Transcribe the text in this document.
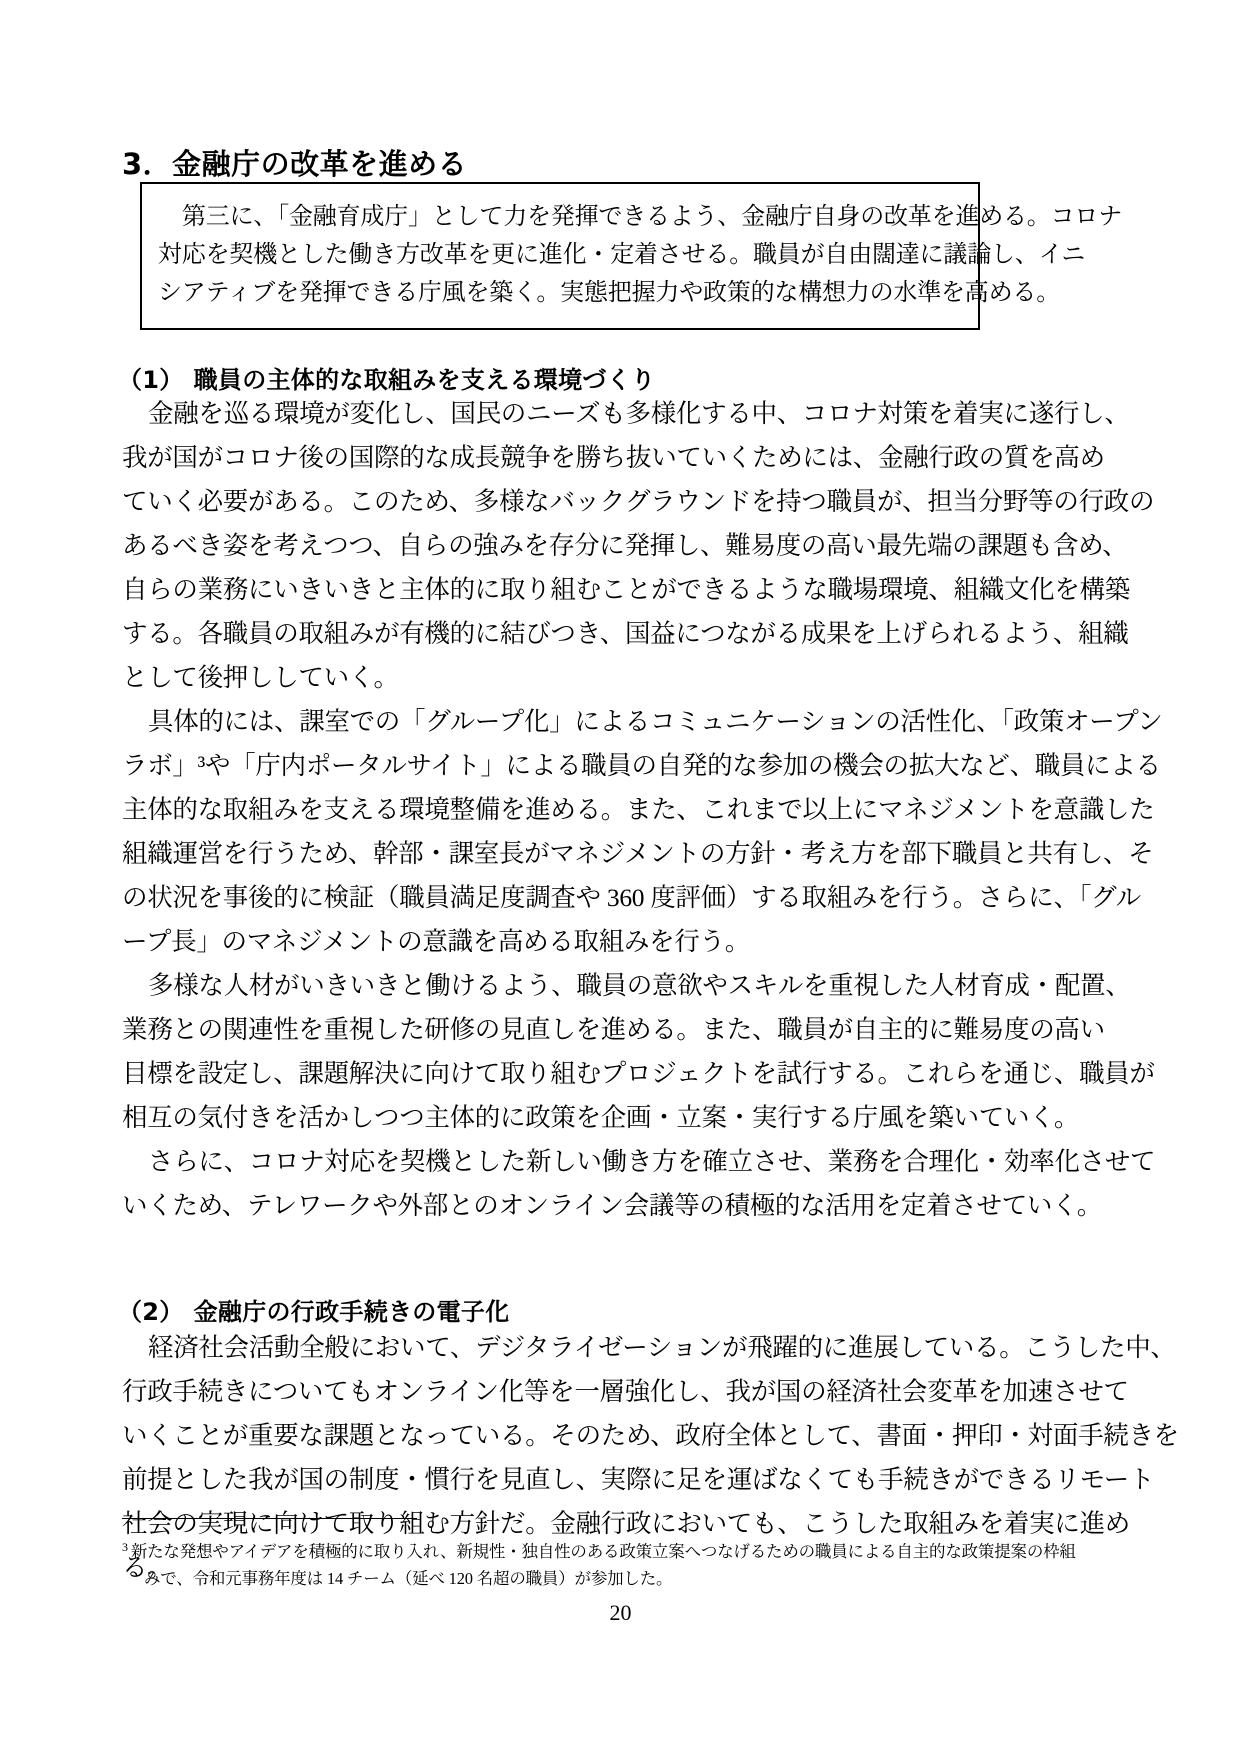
3．金融庁の改革を進める
第三に、「金融育成庁」として力を発揮できるよう、金融庁自身の改革を進める。コロナ
対応を契機とした働き方改革を更に進化・定着させる。職員が自由闊達に議論し、イニ
シアティブを発揮できる庁風を築く。実態把握力や政策的な構想力の水準を高める。
（1） 職員の主体的な取組みを支える環境づくり
金融を巡る環境が変化し、国民のニーズも多様化する中、コロナ対策を着実に遂行し、
我が国がコロナ後の国際的な成長競争を勝ち抜いていくためには、金融行政の質を高め
ていく必要がある。このため、多様なバックグラウンドを持つ職員が、担当分野等の行政の
あるべき姿を考えつつ、自らの強みを存分に発揮し、難易度の高い最先端の課題も含め、
自らの業務にいきいきと主体的に取り組むことができるような職場環境、組織文化を構築
する。各職員の取組みが有機的に結びつき、国益につながる成果を上げられるよう、組織
として後押ししていく。
具体的には、課室での「グループ化」によるコミュニケーションの活性化、「政策オープン
ラボ」³や「庁内ポータルサイト」による職員の自発的な参加の機会の拡大など、職員による
主体的な取組みを支える環境整備を進める。また、これまで以上にマネジメントを意識した
組織運営を行うため、幹部・課室長がマネジメントの方針・考え方を部下職員と共有し、そ
の状況を事後的に検証（職員満足度調査や 360 度評価）する取組みを行う。さらに、「グル
ープ長」のマネジメントの意識を高める取組みを行う。
多様な人材がいきいきと働けるよう、職員の意欲やスキルを重視した人材育成・配置、
業務との関連性を重視した研修の見直しを進める。また、職員が自主的に難易度の高い
目標を設定し、課題解決に向けて取り組むプロジェクトを試行する。これらを通じ、職員が
相互の気付きを活かしつつ主体的に政策を企画・立案・実行する庁風を築いていく。
さらに、コロナ対応を契機とした新しい働き方を確立させ、業務を合理化・効率化させて
いくため、テレワークや外部とのオンライン会議等の積極的な活用を定着させていく。
（2） 金融庁の行政手続きの電子化
経済社会活動全般において、デジタライゼーションが飛躍的に進展している。こうした中、
行政手続きについてもオンライン化等を一層強化し、我が国の経済社会変革を加速させて
いくことが重要な課題となっている。そのため、政府全体として、書面・押印・対面手続きを
前提とした我が国の制度・慣行を見直し、実際に足を運ばなくても手続きができるリモート
社会の実現に向けて取り組む方針だ。金融行政においても、こうした取組みを着実に進め
る。
$^3$ 新たな発想やアイデアを積極的に取り入れ、新規性・独自性のある政策立案へつなげるための職員による自主的な政策提案の枠組
みで、令和元事務年度は 14 チーム（延べ 120 名超の職員）が参加した。
20
